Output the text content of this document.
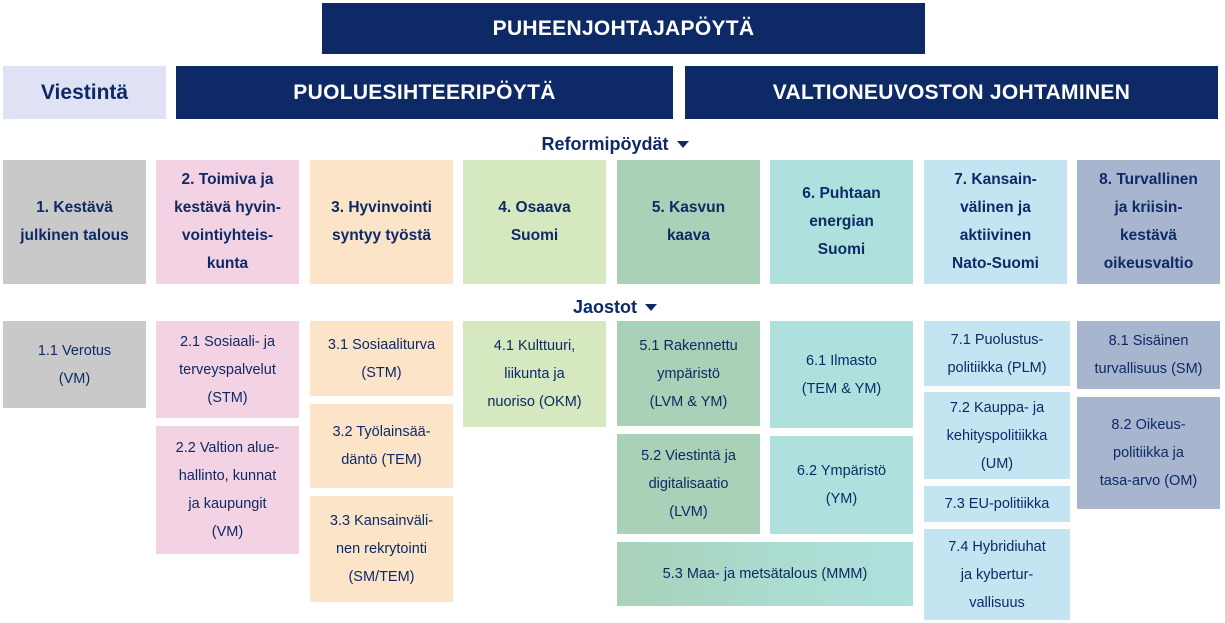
PUHEENJOHTAJAPÖYTÄ
Viestintä	PUOLUESIHTEERIPÖYTÄ	VALTIONEUVOSTON JOHTAMINEN
Reformipöydät
1. Kestävä
julkinen talous
2. Toimiva ja
kestävä hyvin-
vointiyhteis-
kunta
3. Hyvinvointi
syntyy työstä
4. Osaava
Suomi
5. Kasvun
kaava
6. Puhtaan
energian
Suomi
7. Kansain-
välinen ja
aktiivinen
Nato-Suomi
8. Turvallinen
ja kriisin-
kestävä
oikeusvaltio
Jaostot
1.1 Verotus
(VM)
2.1 Sosiaali- ja
terveyspalvelut
(STM)
2.2 Valtion alue-
hallinto, kunnat
ja kaupungit
(VM)
3.1 Sosiaaliturva
(STM)
3.2 Työlainsää-
däntö (TEM)
3.3 Kansainväli-
nen rekrytointi
(SM/TEM)
4.1 Kulttuuri,
liikunta ja
nuoriso (OKM)
5.1 Rakennettu
ympäristö
(LVM & YM)
5.2 Viestintä ja
digitalisaatio
(LVM)
5.3 Maa- ja metsätalous (MMM)
6.1 Ilmasto
(TEM & YM)
6.2 Ympäristö
(YM)
7.1 Puolustus-
politiikka (PLM)
7.2 Kauppa- ja
kehityspolitiikka
(UM)
7.3 EU-politiikka
7.4 Hybridiuhat
ja kybertur-
vallisuus
8.1 Sisäinen
turvallisuus (SM)
8.2 Oikeus-
politiikka ja
tasa-arvo (OM)
